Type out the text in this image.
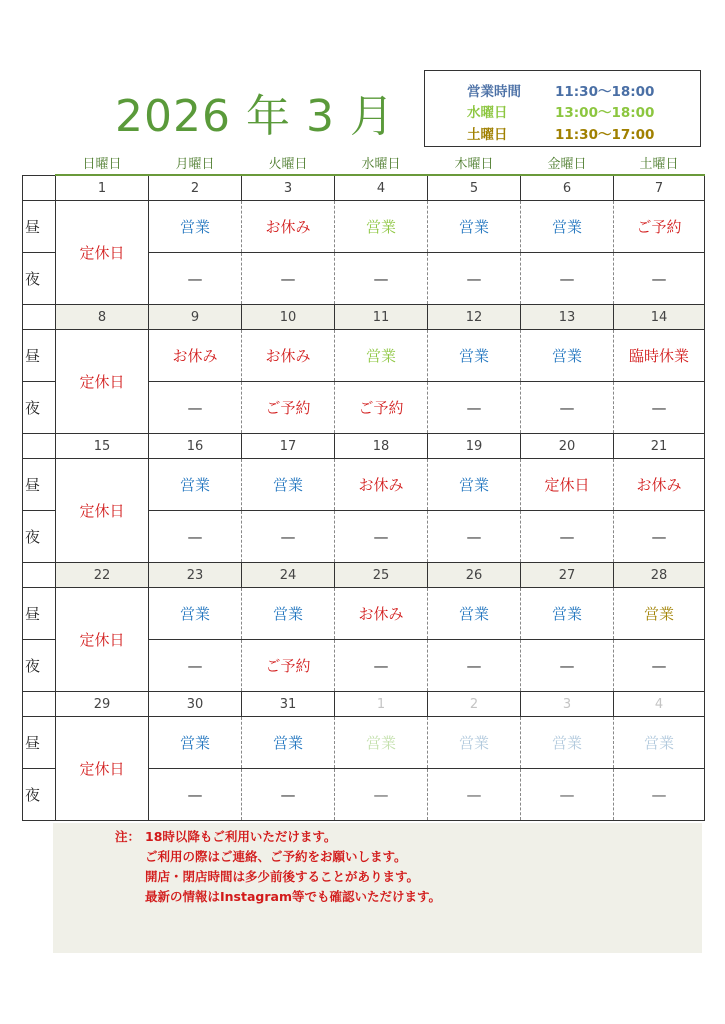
2026 年 3 月	営業時間	11:30〜18:00
水曜日	13:00〜18:00
土曜日	11:30〜17:00
	日曜日	月曜日	火曜日	水曜日	木曜日	金曜日	土曜日
	1	2	3	4	5	6	7
昼	定休日	営業	お休み	営業	営業	営業	ご予約
夜		—	—	—	—	—	—
	8	9	10	11	12	13	14
昼	定休日	お休み	お休み	営業	営業	営業	臨時休業
夜		—	ご予約	ご予約	—	—	—
	15	16	17	18	19	20	21
昼	定休日	営業	営業	お休み	営業	定休日	お休み
夜		—	—	—	—	—	—
	22	23	24	25	26	27	28
昼	定休日	営業	営業	お休み	営業	営業	営業
夜		—	ご予約	—	—	—	—
	29	30	31	1	2	3	4
昼	定休日	営業	営業	営業	営業	営業	営業
夜		—	—	—	—	—	—
注： 18時以降もご利用いただけます。
ご利用の際はご連絡、ご予約をお願いします。
開店・閉店時間は多少前後することがあります。
最新の情報はInstagram等でも確認いただけます。
